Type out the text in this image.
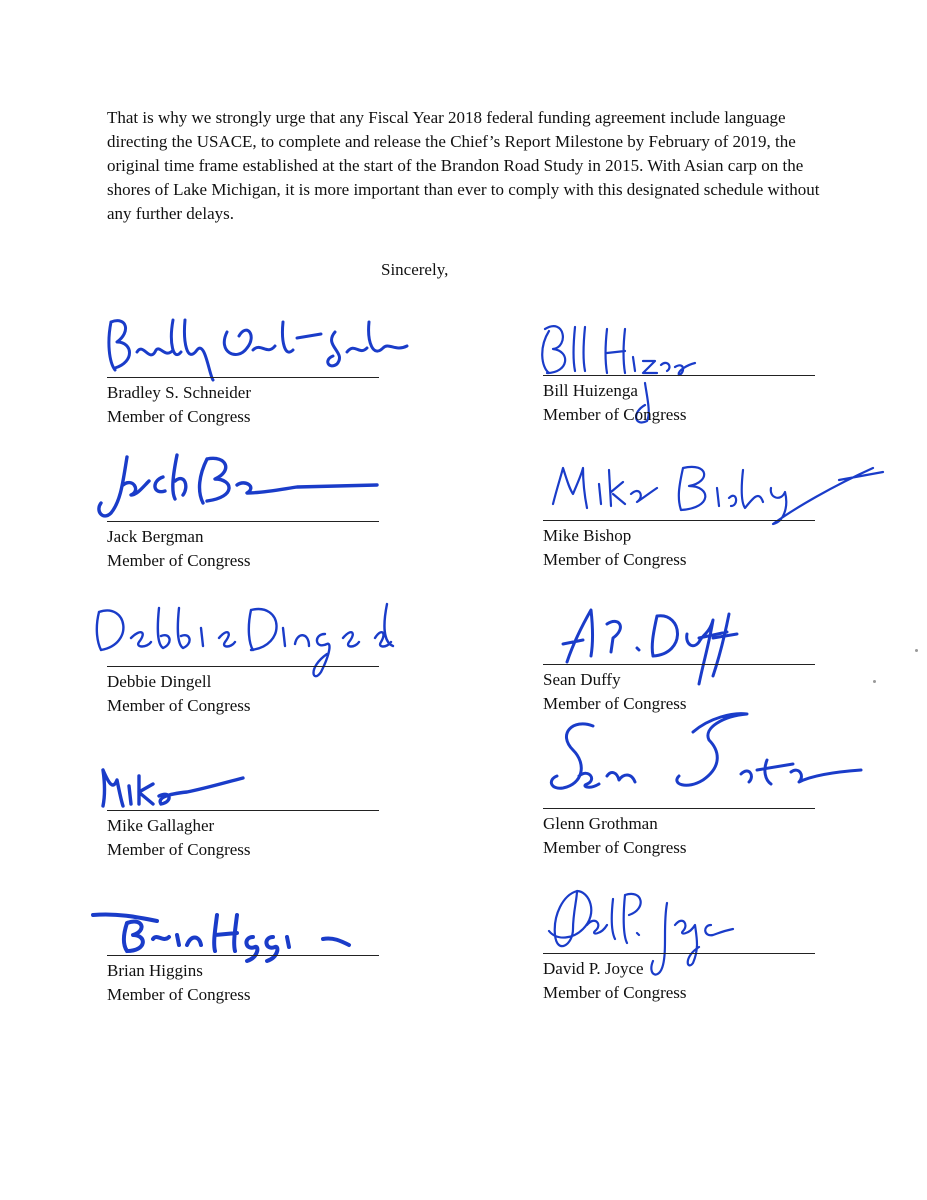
That is why we strongly urge that any Fiscal Year 2018 federal funding agreement include language directing the USACE, to complete and release the Chief’s Report Milestone by February of 2019, the original time frame established at the start of the Brandon Road Study in 2015. With Asian carp on the shores of Lake Michigan, it is more important than ever to comply with this designated schedule without any further delays.

Sincerely,
Bradley S. Schneider
Member of Congress
Jack Bergman
Member of Congress
Debbie Dingell
Member of Congress
Mike Gallagher
Member of Congress
Brian Higgins
Member of Congress
Bill Huizenga
Member of Congress
Mike Bishop
Member of Congress
Sean Duffy
Member of Congress
Glenn Grothman
Member of Congress
David P. Joyce
Member of Congress
